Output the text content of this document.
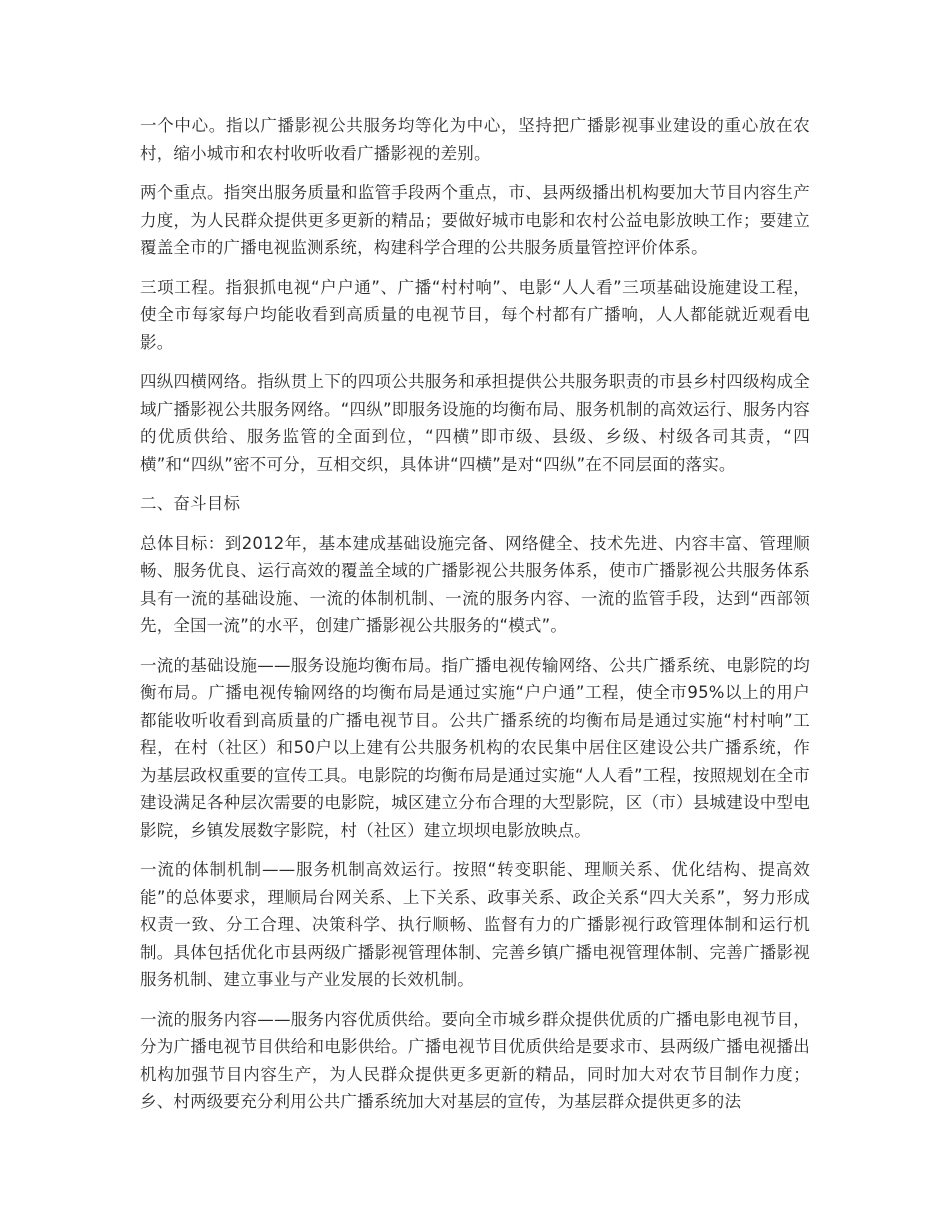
一个中心。指以广播影视公共服务均等化为中心，坚持把广播影视事业建设的重心放在农村，缩小城市和农村收听收看广播影视的差别。

两个重点。指突出服务质量和监管手段两个重点，市、县两级播出机构要加大节目内容生产力度，为人民群众提供更多更新的精品；要做好城市电影和农村公益电影放映工作；要建立覆盖全市的广播电视监测系统，构建科学合理的公共服务质量管控评价体系。

三项工程。指狠抓电视“户户通”、广播“村村响”、电影“人人看”三项基础设施建设工程，使全市每家每户均能收看到高质量的电视节目，每个村都有广播响，人人都能就近观看电影。

四纵四横网络。指纵贯上下的四项公共服务和承担提供公共服务职责的市县乡村四级构成全域广播影视公共服务网络。“四纵”即服务设施的均衡布局、服务机制的高效运行、服务内容的优质供给、服务监管的全面到位，“四横”即市级、县级、乡级、村级各司其责，“四横”和“四纵”密不可分，互相交织，具体讲“四横”是对“四纵”在不同层面的落实。

二、奋斗目标

总体目标：到2012年，基本建成基础设施完备、网络健全、技术先进、内容丰富、管理顺畅、服务优良、运行高效的覆盖全域的广播影视公共服务体系，使市广播影视公共服务体系具有一流的基础设施、一流的体制机制、一流的服务内容、一流的监管手段，达到“西部领先，全国一流”的水平，创建广播影视公共服务的“模式”。

一流的基础设施——服务设施均衡布局。指广播电视传输网络、公共广播系统、电影院的均衡布局。广播电视传输网络的均衡布局是通过实施“户户通”工程，使全市95%以上的用户都能收听收看到高质量的广播电视节目。公共广播系统的均衡布局是通过实施“村村响”工程，在村（社区）和50户以上建有公共服务机构的农民集中居住区建设公共广播系统，作为基层政权重要的宣传工具。电影院的均衡布局是通过实施“人人看”工程，按照规划在全市建设满足各种层次需要的电影院，城区建立分布合理的大型影院，区（市）县城建设中型电影院，乡镇发展数字影院，村（社区）建立坝坝电影放映点。

一流的体制机制——服务机制高效运行。按照“转变职能、理顺关系、优化结构、提高效能”的总体要求，理顺局台网关系、上下关系、政事关系、政企关系“四大关系”，努力形成权责一致、分工合理、决策科学、执行顺畅、监督有力的广播影视行政管理体制和运行机制。具体包括优化市县两级广播影视管理体制、完善乡镇广播电视管理体制、完善广播影视服务机制、建立事业与产业发展的长效机制。

一流的服务内容——服务内容优质供给。要向全市城乡群众提供优质的广播电影电视节目，分为广播电视节目供给和电影供给。广播电视节目优质供给是要求市、县两级广播电视播出机构加强节目内容生产，为人民群众提供更多更新的精品，同时加大对农节目制作力度；乡、村两级要充分利用公共广播系统加大对基层的宣传，为基层群众提供更多的法
